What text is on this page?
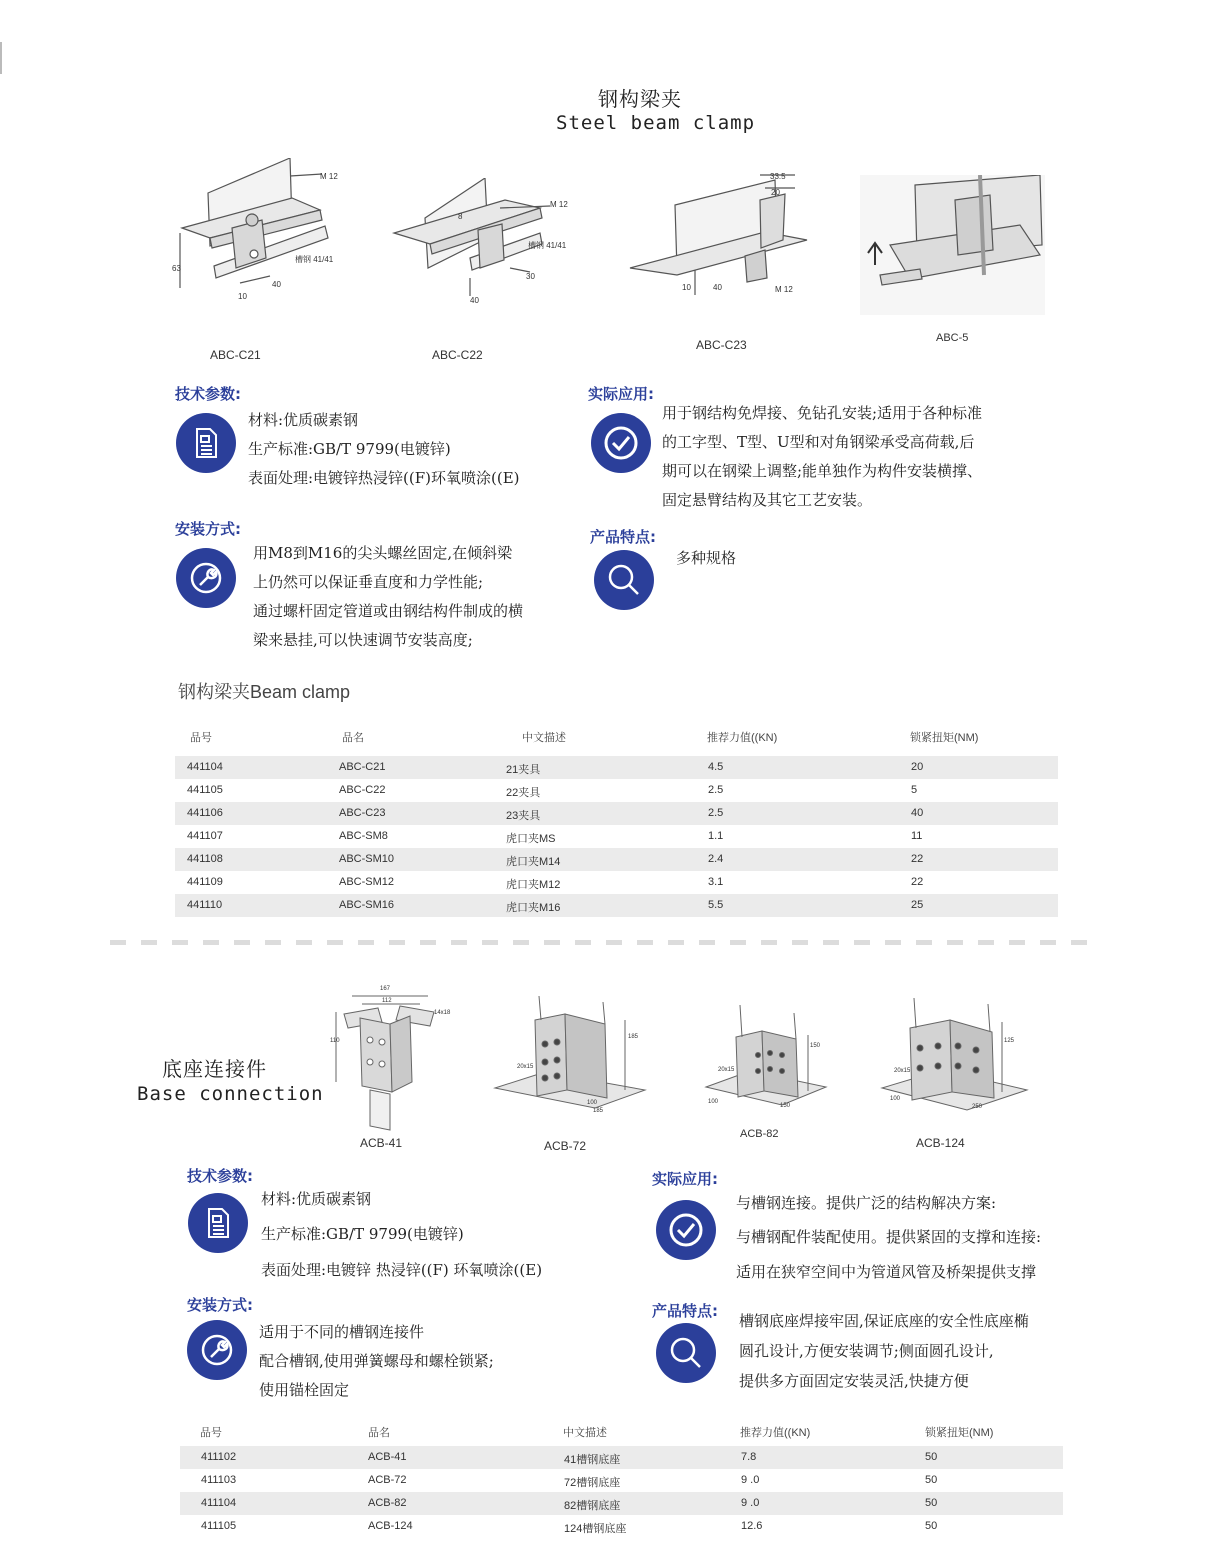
钢构梁夹
Steel beam clamp
M 12
槽钢 41/41
63
40
10
ABC-C21
M 12
槽钢 41/41
8
30
40
ABC-C22
33.5
20
10	40	M 12
ABC-C23	ABC-5
技术参数:
材料:优质碳素钢
生产标准:GB/T 9799(电镀锌)
表面处理:电镀锌热浸锌((F)环氧喷涂((E)
实际应用:
用于钢结构免焊接、免钻孔安装;适用于各种标准
的工字型、T型、U型和对角钢梁承受高荷载,后
期可以在钢梁上调整;能单独作为构件安装横撑、
固定悬臂结构及其它工艺安装。
安装方式:
用M8到M16的尖头螺丝固定,在倾斜梁
上仍然可以保证垂直度和力学性能;
通过螺杆固定管道或由钢结构件制成的横
梁来悬挂,可以快速调节安装高度;
产品特点:
多种规格
钢构梁夹Beam clamp
品号	品名	中文描述	推荐力值((KN)	锁紧扭矩(NM)
441104	ABC-C21	21夹具	4.5	20
441105	ABC-C22	22夹具	2.5	5
441106	ABC-C23	23夹具	2.5	40
441107	ABC-SM8	虎口夹MS	1.1	11
441108	ABC-SM10	虎口夹M14	2.4	22
441109	ABC-SM12	虎口夹M12	3.1	22
441110	ABC-SM16	虎口夹M16	5.5	25
底座连接件
Base connection
167
112
14x18
110
ACB-41
185
20x15
100
185
ACB-72
150
20x15
100
150
ACB-82
125
20x15
100
250
ACB-124
技术参数:
材料:优质碳素钢
生产标准:GB/T 9799(电镀锌)
表面处理:电镀锌 热浸锌((F) 环氧喷涂((E)
实际应用:
与槽钢连接。提供广泛的结构解决方案:
与槽钢配件装配使用。提供紧固的支撑和连接:
适用在狭窄空间中为管道风管及桥架提供支撑
安装方式:
适用于不同的槽钢连接件
配合槽钢,使用弹簧螺母和螺栓锁紧;
使用锚栓固定
产品特点:
槽钢底座焊接牢固,保证底座的安全性底座椭
圆孔设计,方便安装调节;侧面圆孔设计,
提供多方面固定安装灵活,快捷方便
品号	品名	中文描述	推荐力值((KN)	锁紧扭矩(NM)
411102	ACB-41	41槽钢底座	7.8	50
411103	ACB-72	72槽钢底座	9 .0	50
411104	ACB-82	82槽钢底座	9 .0	50
411105	ACB-124	124槽钢底座	12.6	50
